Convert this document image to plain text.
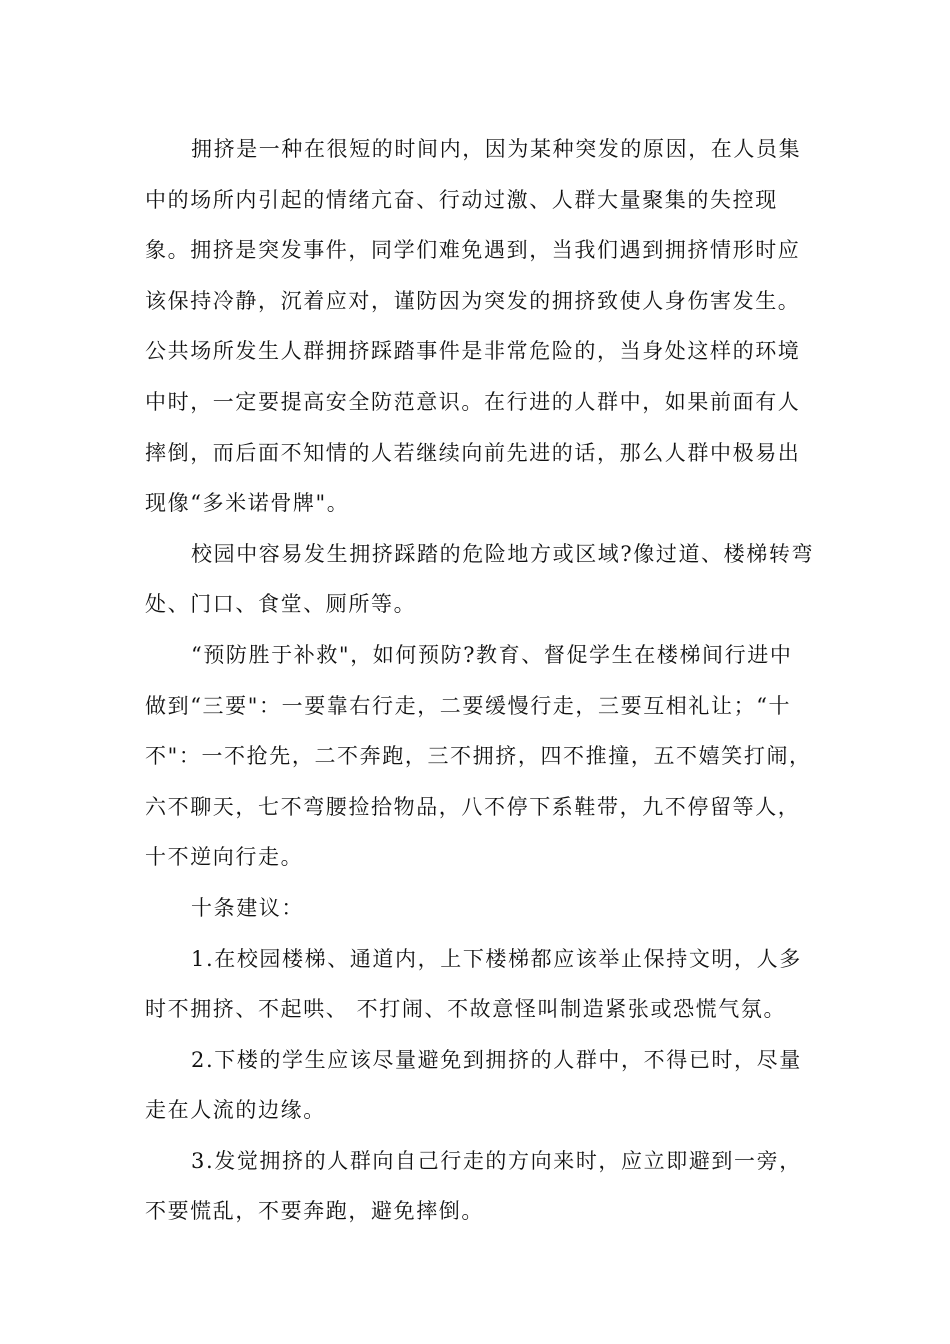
拥挤是一种在很短的时间内，因为某种突发的原因，在人员集
中的场所内引起的情绪亢奋、行动过激、人群大量聚集的失控现
象。拥挤是突发事件，同学们难免遇到，当我们遇到拥挤情形时应
该保持冷静，沉着应对，谨防因为突发的拥挤致使人身伤害发生。
公共场所发生人群拥挤踩踏事件是非常危险的，当身处这样的环境
中时，一定要提高安全防范意识。在行进的人群中，如果前面有人
摔倒，而后面不知情的人若继续向前先进的话，那么人群中极易出
现像“多米诺骨牌"。
校园中容易发生拥挤踩踏的危险地方或区域?像过道、楼梯转弯
处、门口、食堂、厕所等。
“预防胜于补救"，如何预防?教育、督促学生在楼梯间行进中
做到“三要"：一要靠右行走，二要缓慢行走，三要互相礼让；“十
不"：一不抢先，二不奔跑，三不拥挤，四不推撞，五不嬉笑打闹，
六不聊天，七不弯腰捡拾物品，八不停下系鞋带，九不停留等人，
十不逆向行走。
十条建议：
1.在校园楼梯、通道内，上下楼梯都应该举止保持文明，人多
时不拥挤、不起哄、 不打闹、不故意怪叫制造紧张或恐慌气氛。
2.下楼的学生应该尽量避免到拥挤的人群中，不得已时，尽量
走在人流的边缘。
3.发觉拥挤的人群向自己行走的方向来时，应立即避到一旁，
不要慌乱，不要奔跑，避免摔倒。
